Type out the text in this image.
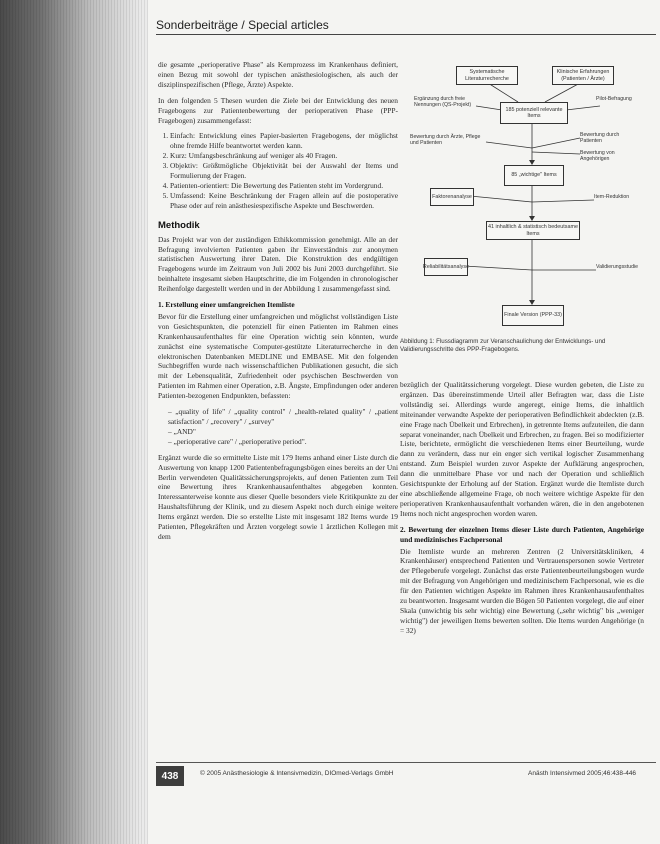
Sonderbeiträge / Special articles

die gesamte „perioperative Phase" als Kernprozess im Krankenhaus definiert, einen Bezug mit sowohl der typischen anästhesiologischen, als auch der disziplinspezifischen (Pflege, Ärzte) Aspekte.

In den folgenden 5 Thesen wurden die Ziele bei der Entwicklung des neuen Fragebogens zur Patientenbewertung der perioperativen Phase (PPP-Fragebogen) zusammengefasst:

1. Einfach: Entwicklung eines Papier-basierten Fragebogens, der möglichst ohne fremde Hilfe beantwortet werden kann.
2. Kurz: Umfangsbeschränkung auf weniger als 40 Fragen.
3. Objektiv: Größtmögliche Objektivität bei der Auswahl der Items und Formulierung der Fragen.
4. Patienten-orientiert: Die Bewertung des Patienten steht im Vordergrund.
5. Umfassend: Keine Beschränkung der Fragen allein auf die postoperative Phase oder auf rein anästhesiespezifische Aspekte und Beschwerden.
Methodik

Das Projekt war von der zuständigen Ethikkommission genehmigt. Alle an der Befragung involvierten Patienten gaben ihr Einverständnis zur anonymen statistischen Auswertung ihrer Daten. Die Konstruktion des endgültigen Fragebogens wurde im Zeitraum von Juli 2002 bis Juni 2003 durchgeführt. Sie beinhaltete insgesamt sieben Hauptschritte, die im Folgenden in chronologischer Reihenfolge dargestellt werden und in der Abbildung 1 zusammengefasst sind.

1. Erstellung einer umfangreichen Itemliste

Bevor für die Erstellung einer umfangreichen und möglichst vollständigen Liste von Gesichtspunkten, die potenziell für einen Patienten im Rahmen eines Krankenhausaufenthaltes für eine Operation wichtig sein könnten, wurde zunächst eine systematische Computer-gestützte Literaturrecherche in den elektronischen Datenbanken MEDLINE und EMBASE. Mit den folgenden Suchbegriffen wurde nach wissenschaftlichen Publikationen gesucht, die sich mit der Lebensqualität, Zufriedenheit oder psychischen Beschwerden von Patienten im Rahmen einer Operation, z.B. Ängste, Empfindungen oder anderen Patienten-bezogenen Endpunkten, befassten:

– „quality of life" / „quality control" / „health-related quality" / „patient satisfaction" / „recovery" / „survey"
– „AND"
– „perioperative care" / „perioperative period".

Ergänzt wurde die so ermittelte Liste mit 179 Items anhand einer Liste durch die Auswertung von knapp 1200 Patientenbefragungsbögen eines bereits an der Uni Berlin verwendeten Qualitätssicherungsprojekts, auf denen Patienten zum Teil eine Bewertung ihres Krankenhausaufenthaltes abgegeben konnten. Interessanterweise konnte aus dieser Quelle besonders viele Kritikpunkte zu der Haushaltsführung der Klinik, und zu diesem Aspekt noch durch einige weitere Items ergänzt werden. Die so erstellte Liste mit insgesamt 182 Items wurde 19 Patienten, Pflegekräften und Ärzten vorgelegt sowie 1 ärztlichen Kollegen mit dem

Systematische Literaturrecherche
Klinische Erfahrungen (Patienten / Ärzte)
Ergänzung durch freie Nennungen (QS-Projekt)
Pilot-Befragung
185 potenziell relevante Items
Bewertung durch Ärzte, Pflege und Patienten
Bewertung durch Patienten
Bewertung von Angehörigen
85 „wichtige" Items
Faktorenanalyse	Item-Reduktion
41 inhaltlich & statistisch bedeutsame Items
Reliabilitätsanalyse	Validierungsstudie
Finale Version (PPP-33)
Abbildung 1: Flussdiagramm zur Veranschaulichung der Entwicklungs- und Validierungsschritte des PPP-Fragebogens.

bezüglich der Qualitätssicherung vorgelegt. Diese wurden gebeten, die Liste zu ergänzen. Das übereinstimmende Urteil aller Befragten war, dass die Liste vollständig sei. Allerdings wurde angeregt, einige Items, die inhaltlich miteinander verwandte Aspekte der perioperativen Befindlichkeit abdeckten (z.B. eine Frage nach Übelkeit und Erbrechen), in getrennte Items aufzuteilen, die dann separat voneinander, nach Übelkeit und Erbrechen, zu fragen. Bei so modifizierter Liste, berichtete, ermöglicht die verschiedenen Items einer Beurteilung, wurde dann zu verändern, dass nur ein enger sich vertikal logischer Zusammenhang entstand. Zum Beispiel wurden zuvor Aspekte der Aufklärung angesprochen, dann die unmittelbare Phase vor und nach der Operation und schließlich Gesichtspunkte der Erholung auf der Station. Ergänzt wurde die Itemliste durch eine abschließende allgemeine Frage, ob noch weitere wichtige Aspekte für den perioperativen Krankenhausaufenthalt vorhanden wären, die in den angebotenen Items noch nicht angesprochen worden waren.

2. Bewertung der einzelnen Items dieser Liste durch Patienten, Angehörige und medizinisches Fachpersonal

Die Itemliste wurde an mehreren Zentren (2 Universitätskliniken, 4 Krankenhäuser) entsprechend Patienten und Vertrauenspersonen sowie Vertreter der Pflegeberufe vorgelegt. Zunächst das erste Patientenbeurteilungsbogen wurde mit der Befragung von Angehörigen und medizinischem Fachpersonal, wie es die für den Patienten wichtigen Aspekte im Rahmen ihres Krankenhausaufenthaltes zu beantworten. Insgesamt wurden die Bögen 50 Patienten vorgelegt, die auf einer Skala (unwichtig bis sehr wichtig) eine Bewertung („sehr wichtig" bis „weniger wichtig") der jeweiligen Items bewerten sollten. Die Items wurden Angehörige (n = 32)

438	© 2005 Anästhesiologie & Intensivmedizin, DIOmed-Verlags GmbH	Anästh Intensivmed 2005;46:438-446
